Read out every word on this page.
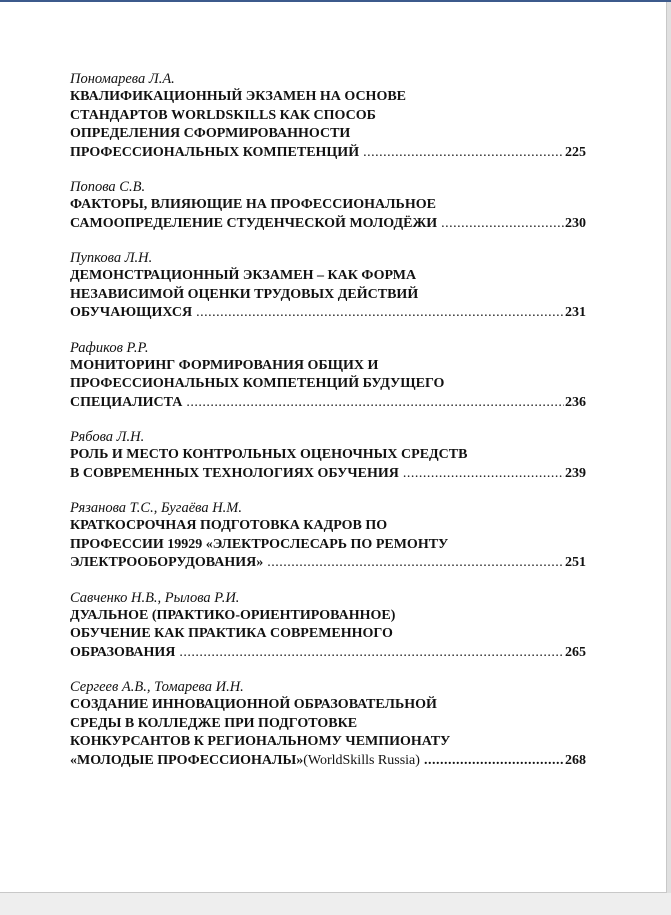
Пономарева Л.А.
КВАЛИФИКАЦИОННЫЙ ЭКЗАМЕН НА ОСНОВЕ
СТАНДАРТОВ WORLDSKILLS КАК СПОСОБ
ОПРЕДЕЛЕНИЯ СФОРМИРОВАННОСТИ
ПРОФЕССИОНАЛЬНЫХ КОМПЕТЕНЦИЙ .....	225
Попова С.В.
ФАКТОРЫ, ВЛИЯЮЩИЕ НА ПРОФЕССИОНАЛЬНОЕ
САМООПРЕДЕЛЕНИЕ СТУДЕНЧЕСКОЙ МОЛОДЁЖИ .....	230
Пупкова Л.Н.
ДЕМОНСТРАЦИОННЫЙ ЭКЗАМЕН – КАК ФОРМА
НЕЗАВИСИМОЙ ОЦЕНКИ ТРУДОВЫХ ДЕЙСТВИЙ
ОБУЧАЮЩИХСЯ .....	231
Рафиков Р.Р.
МОНИТОРИНГ ФОРМИРОВАНИЯ ОБЩИХ И
ПРОФЕССИОНАЛЬНЫХ КОМПЕТЕНЦИЙ БУДУЩЕГО
СПЕЦИАЛИСТА .....	236
Рябова Л.Н.
РОЛЬ И МЕСТО КОНТРОЛЬНЫХ ОЦЕНОЧНЫХ СРЕДСТВ
В СОВРЕМЕННЫХ ТЕХНОЛОГИЯХ ОБУЧЕНИЯ .....	239
Рязанова Т.С., Бугаёва Н.М.
КРАТКОСРОЧНАЯ ПОДГОТОВКА КАДРОВ ПО
ПРОФЕССИИ 19929 «ЭЛЕКТРОСЛЕСАРЬ ПО РЕМОНТУ
ЭЛЕКТРООБОРУДОВАНИЯ» .....	251
Савченко Н.В., Рылова Р.И.
ДУАЛЬНОЕ (ПРАКТИКО-ОРИЕНТИРОВАННОЕ)
ОБУЧЕНИЕ КАК ПРАКТИКА СОВРЕМЕННОГО
ОБРАЗОВАНИЯ .....	265
Сергеев А.В., Томарева И.Н.
СОЗДАНИЕ ИННОВАЦИОННОЙ ОБРАЗОВАТЕЛЬНОЙ
СРЕДЫ В КОЛЛЕДЖЕ ПРИ ПОДГОТОВКЕ
КОНКУРСАНТОВ К РЕГИОНАЛЬНОМУ ЧЕМПИОНАТУ
«МОЛОДЫЕ ПРОФЕССИОНАЛЫ» (WorldSkills Russia) .....	268
